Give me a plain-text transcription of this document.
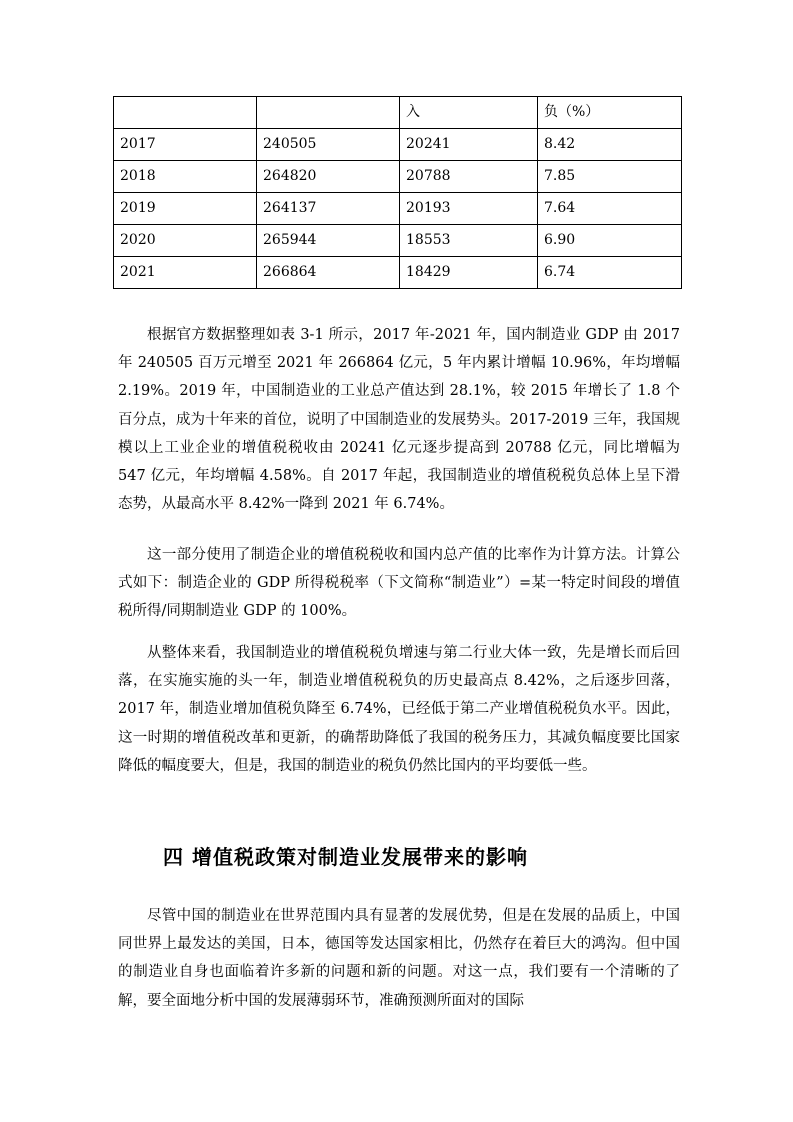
		入	负（%）
2017	240505	20241	8.42
2018	264820	20788	7.85
2019	264137	20193	7.64
2020	265944	18553	6.90
2021	266864	18429	6.74

根据官方数据整理如表 3-1 所示，2017 年-2021 年，国内制造业 GDP 由 2017 年 240505 百万元增至 2021 年 266864 亿元，5 年内累计增幅 10.96%，年均增幅 2.19%。2019 年，中国制造业的工业总产值达到 28.1%，较 2015 年增长了 1.8 个百分点，成为十年来的首位，说明了中国制造业的发展势头。2017-2019 三年，我国规模以上工业企业的增值税税收由 20241 亿元逐步提高到 20788 亿元，同比增幅为 547 亿元，年均增幅 4.58%。自 2017 年起，我国制造业的增值税税负总体上呈下滑态势，从最高水平 8.42%一降到 2021 年 6.74%。

这一部分使用了制造企业的增值税税收和国内总产值的比率作为计算方法。计算公式如下：制造企业的 GDP 所得税税率（下文简称“制造业”）=某一特定时间段的增值税所得/同期制造业 GDP 的 100%。

从整体来看，我国制造业的增值税税负增速与第二行业大体一致，先是增长而后回落，在实施实施的头一年，制造业增值税税负的历史最高点 8.42%，之后逐步回落，2017 年，制造业增加值税负降至 6.74%，已经低于第二产业增值税税负水平。因此，这一时期的增值税改革和更新，的确帮助降低了我国的税务压力，其减负幅度要比国家降低的幅度要大，但是，我国的制造业的税负仍然比国内的平均要低一些。

四 增值税政策对制造业发展带来的影响

尽管中国的制造业在世界范围内具有显著的发展优势，但是在发展的品质上，中国同世界上最发达的美国，日本，德国等发达国家相比，仍然存在着巨大的鸿沟。但中国的制造业自身也面临着许多新的问题和新的问题。对这一点，我们要有一个清晰的了解，要全面地分析中国的发展薄弱环节，准确预测所面对的国际
